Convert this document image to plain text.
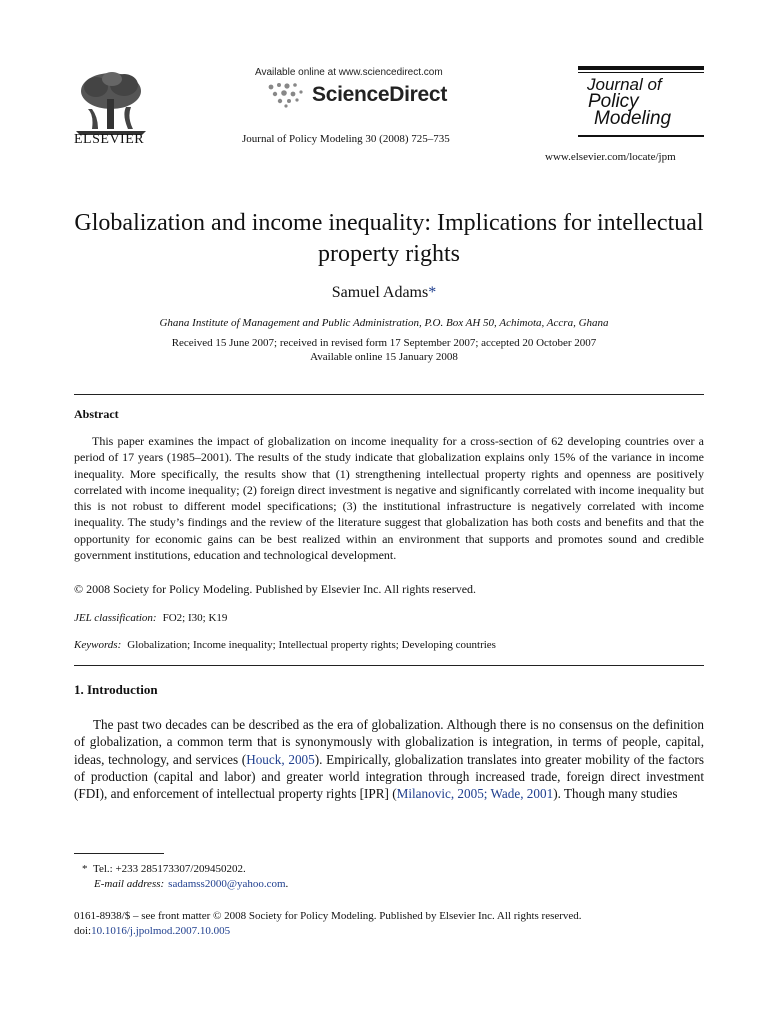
ELSEVIER
Available online at www.sciencedirect.com
ScienceDirect
Journal of Policy Modeling 30 (2008) 725–735
Journal of
Policy
Modeling
www.elsevier.com/locate/jpm
Globalization and income inequality: Implications for intellectual property rights
Samuel Adams*
Ghana Institute of Management and Public Administration, P.O. Box AH 50, Achimota, Accra, Ghana
Received 15 June 2007; received in revised form 17 September 2007; accepted 20 October 2007
Available online 15 January 2008
Abstract

This paper examines the impact of globalization on income inequality for a cross-section of 62 developing countries over a period of 17 years (1985–2001). The results of the study indicate that globalization explains only 15% of the variance in income inequality. More specifically, the results show that (1) strengthening intellectual property rights and openness are positively correlated with income inequality; (2) foreign direct investment is negative and significantly correlated with income inequality but this is not robust to different model specifications; (3) the institutional infrastructure is negatively correlated with income inequality. The study’s findings and the review of the literature suggest that globalization has both costs and benefits and that the opportunity for economic gains can be best realized within an environment that supports and promotes sound and credible government institutions, education and technological development.

© 2008 Society for Policy Modeling. Published by Elsevier Inc. All rights reserved.
JEL classification: FO2; I30; K19
Keywords: Globalization; Income inequality; Intellectual property rights; Developing countries
1. Introduction

The past two decades can be described as the era of globalization. Although there is no consensus on the definition of globalization, a common term that is synonymously with globalization is integration, in terms of people, capital, ideas, technology, and services (Houck, 2005). Empirically, globalization translates into greater mobility of the factors of production (capital and labor) and greater world integration through increased trade, foreign direct investment (FDI), and enforcement of intellectual property rights [IPR] (Milanovic, 2005; Wade, 2001). Though many studies

* Tel.: +233 285173307/209450202.
E-mail address: sadamss2000@yahoo.com.
0161-8938/$ – see front matter © 2008 Society for Policy Modeling. Published by Elsevier Inc. All rights reserved.
doi:10.1016/j.jpolmod.2007.10.005
